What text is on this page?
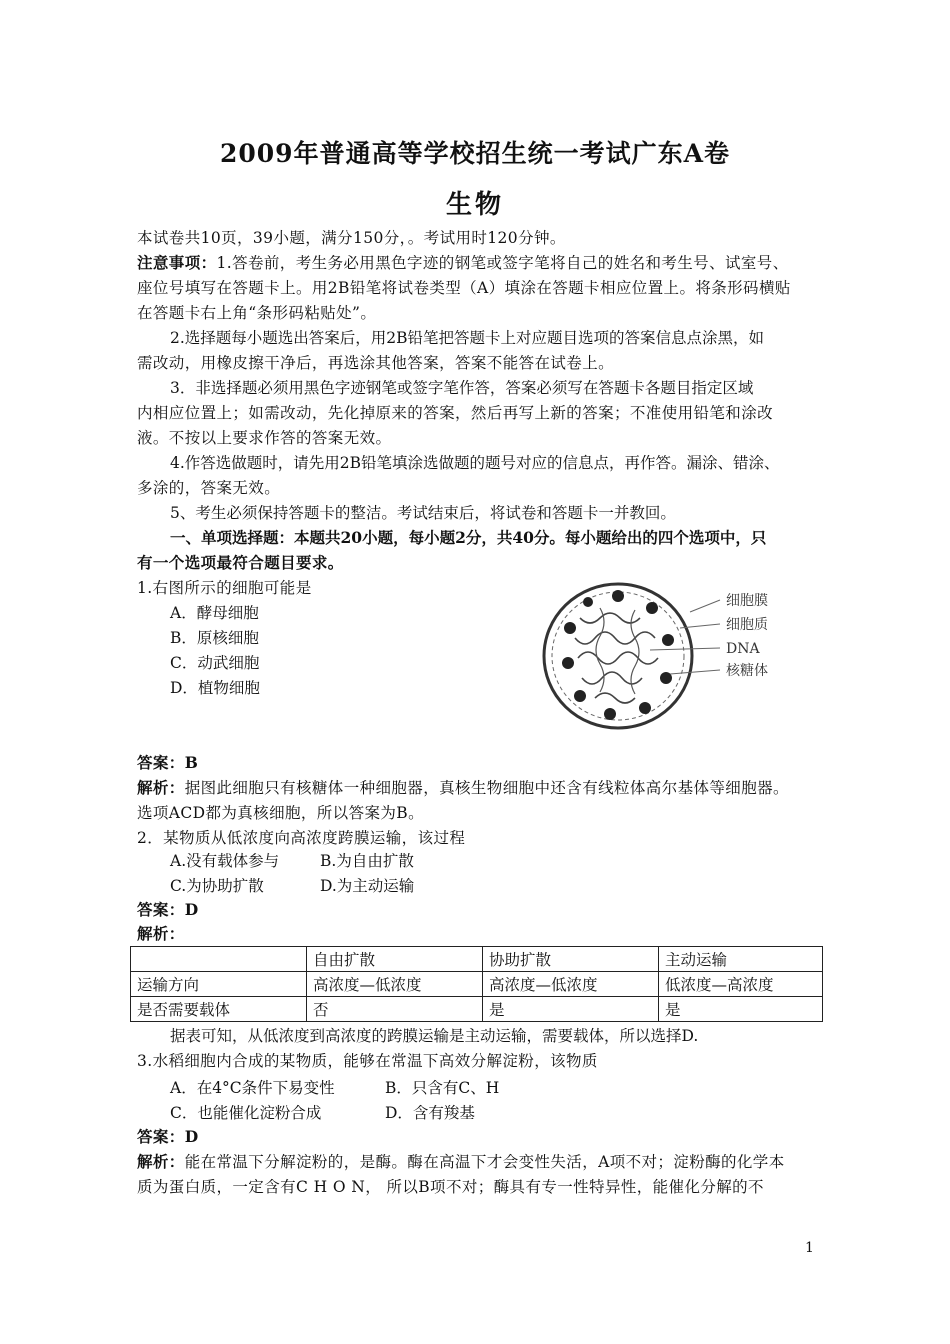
2009年普通高等学校招生统一考试广东A卷
生物
本试卷共10页，39小题，满分150分，。考试用时120分钟。
注意事项：1.答卷前，考生务必用黑色字迹的钢笔或签字笔将自己的姓名和考生号、试室号、
座位号填写在答题卡上。用2B铅笔将试卷类型（A）填涂在答题卡相应位置上。将条形码横贴
在答题卡右上角“条形码粘贴处”。
2.选择题每小题选出答案后，用2B铅笔把答题卡上对应题目选项的答案信息点涂黑，如
需改动，用橡皮擦干净后，再选涂其他答案，答案不能答在试卷上。
3．非选择题必须用黑色字迹钢笔或签字笔作答，答案必须写在答题卡各题目指定区域
内相应位置上；如需改动，先化掉原来的答案，然后再写上新的答案；不准使用铅笔和涂改
液。不按以上要求作答的答案无效。
4.作答选做题时，请先用2B铅笔填涂选做题的题号对应的信息点，再作答。漏涂、错涂、
多涂的，答案无效。
5、考生必须保持答题卡的整洁。考试结束后，将试卷和答题卡一并教回。
一、单项选择题：本题共20小题，每小题2分，共40分。每小题给出的四个选项中，只
有一个选项最符合题目要求。
1.右图所示的细胞可能是
A．酵母细胞
B．原核细胞
C．动武细胞
D．植物细胞
细胞膜
细胞质
DNA
核糖体
答案：B
解析：据图此细胞只有核糖体一种细胞器，真核生物细胞中还含有线粒体高尔基体等细胞器。
选项ACD都为真核细胞，所以答案为B。
2．某物质从低浓度向高浓度跨膜运输，该过程
A.没有载体参与	B.为自由扩散
C.为协助扩散	D.为主动运输
答案：D
解析：
	自由扩散	协助扩散	主动运输
运输方向	高浓度—低浓度	高浓度—低浓度	低浓度—高浓度
是否需要载体	否	是	是
据表可知，从低浓度到高浓度的跨膜运输是主动运输，需要载体，所以选择D.
3.水稻细胞内合成的某物质，能够在常温下高效分解淀粉，该物质
A．在4°C条件下易变性	B．只含有C、H
C．也能催化淀粉合成	D．含有羧基
答案：D
解析：能在常温下分解淀粉的，是酶。酶在高温下才会变性失活，A项不对；淀粉酶的化学本
质为蛋白质，一定含有C H O N， 所以B项不对；酶具有专一性特异性，能催化分解的不
1
